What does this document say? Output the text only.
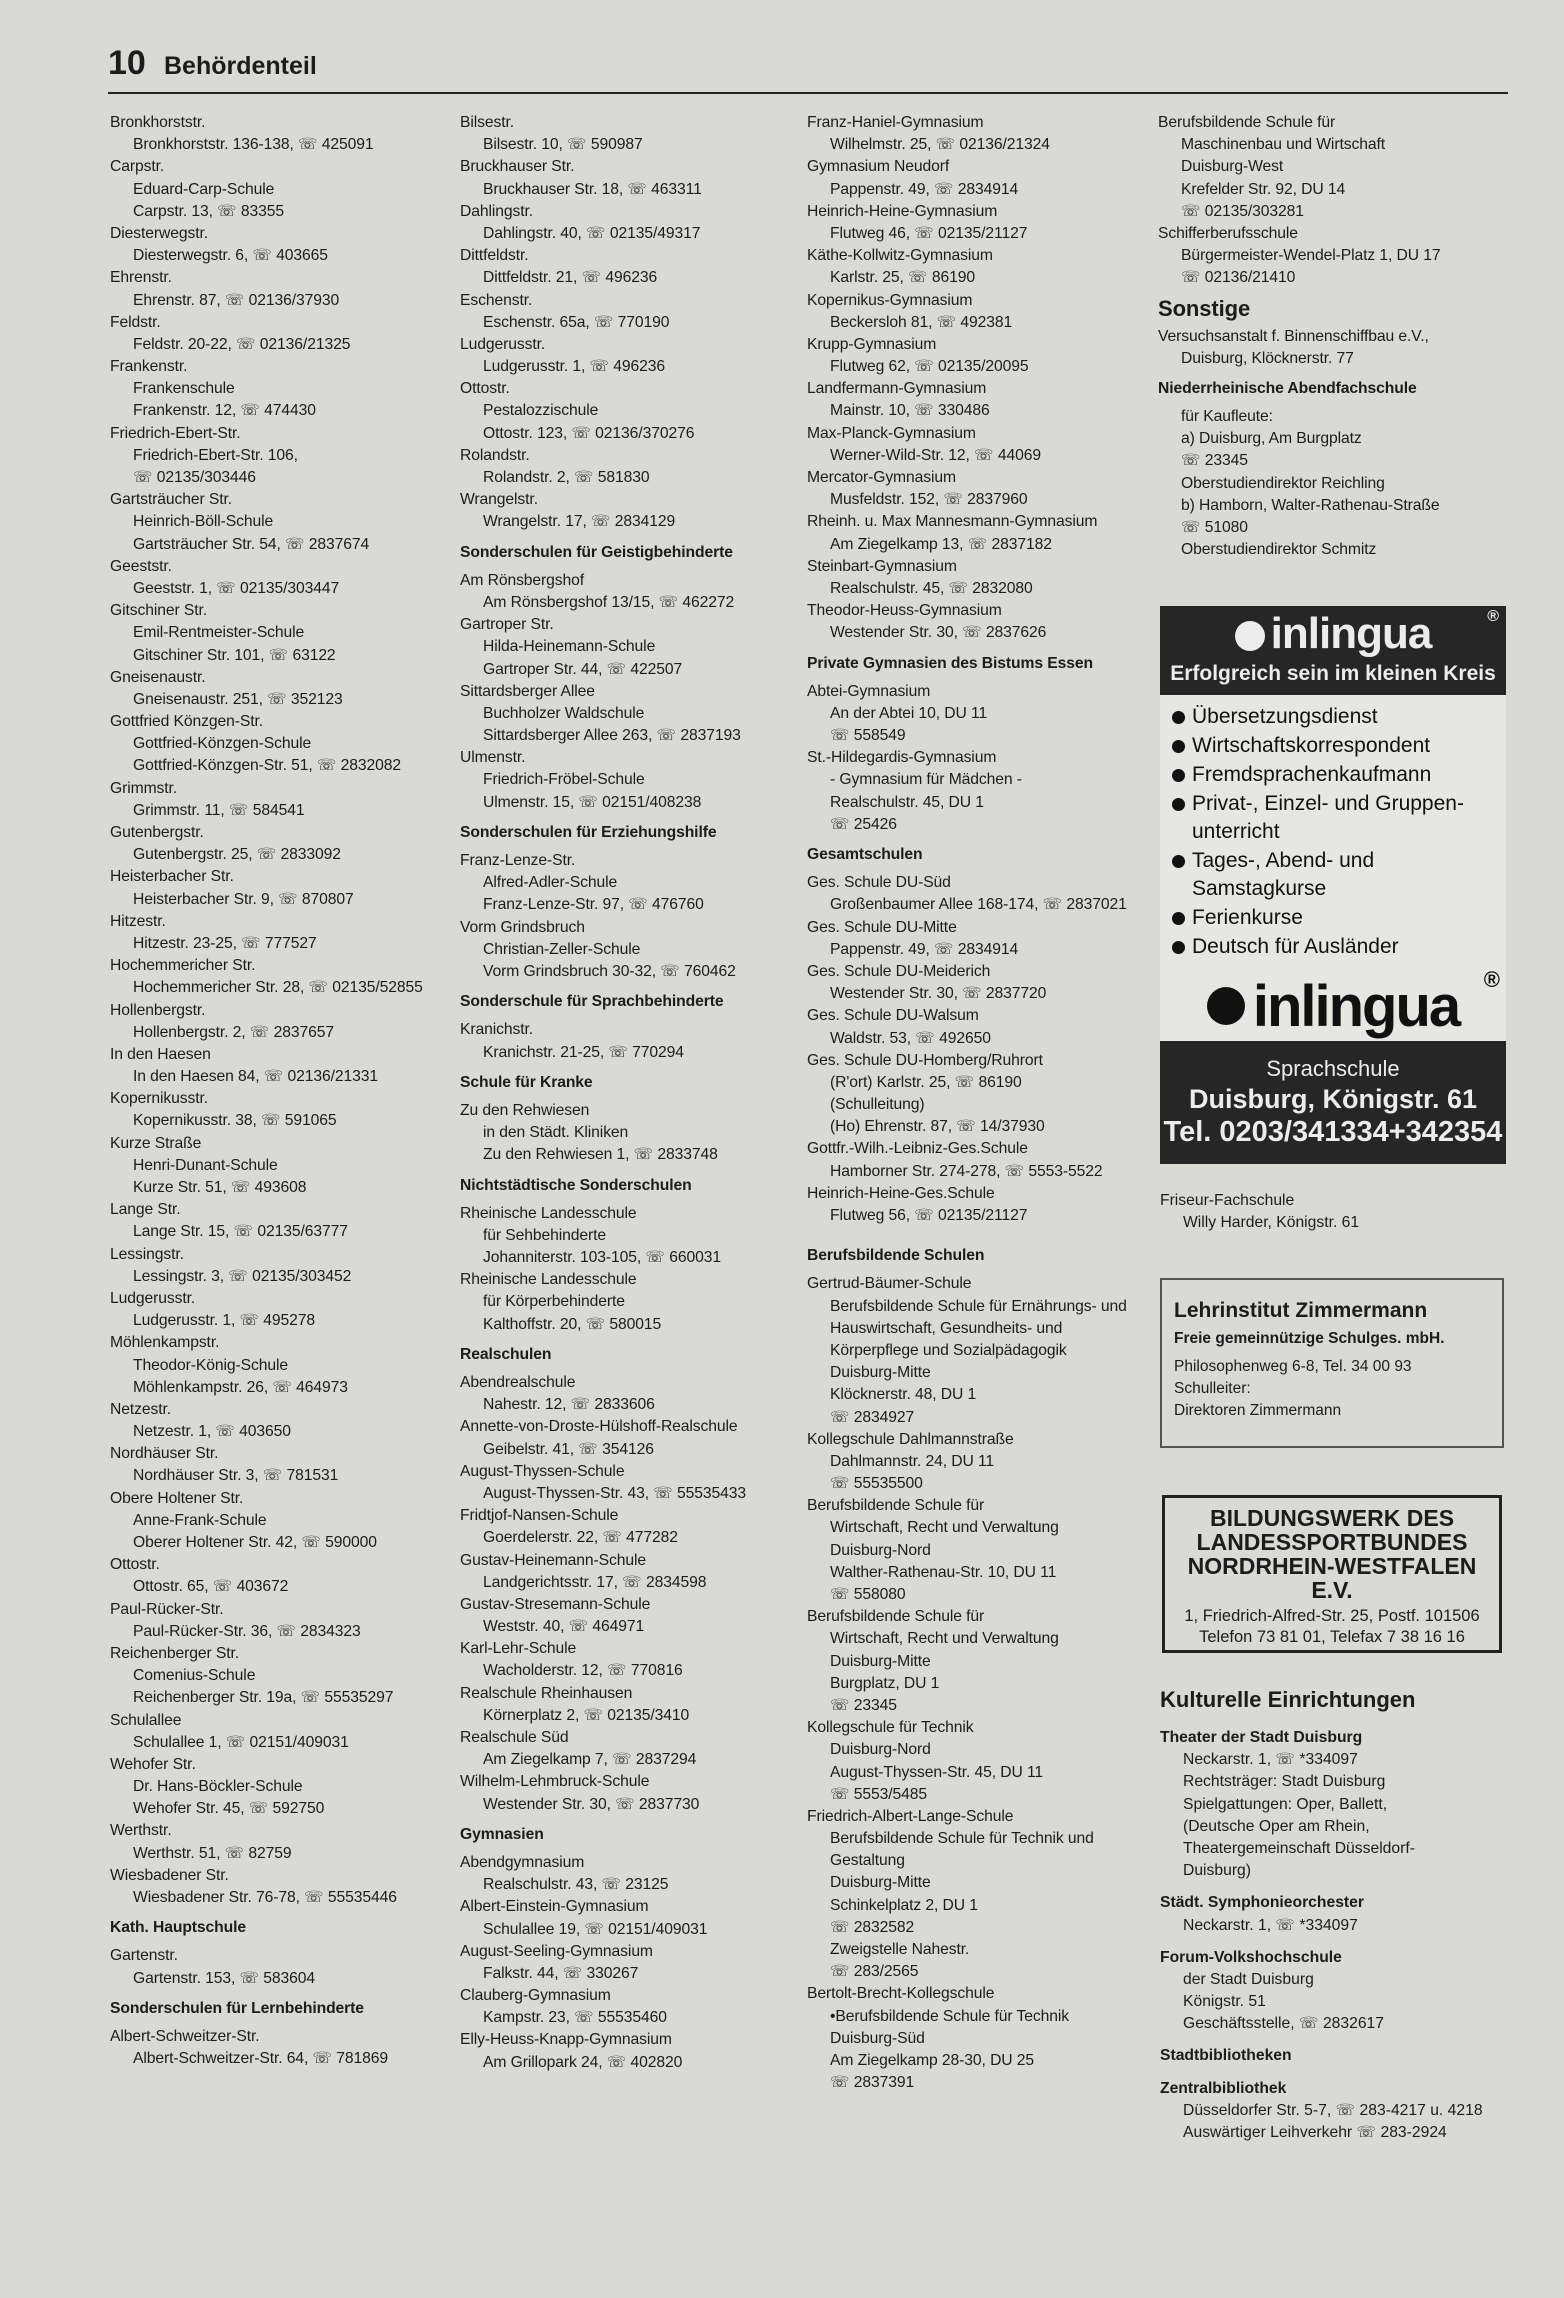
10 Behördenteil
Bronkhorststr.
Bronkhorststr. 136-138, ☏ 425091
Carpstr.
Eduard-Carp-Schule
Carpstr. 13, ☏ 83355
Diesterwegstr.
Diesterwegstr. 6, ☏ 403665
Ehrenstr.
Ehrenstr. 87, ☏ 02136/37930
Feldstr.
Feldstr. 20-22, ☏ 02136/21325
Frankenstr.
Frankenschule
Frankenstr. 12, ☏ 474430
Friedrich-Ebert-Str.
Friedrich-Ebert-Str. 106,
☏ 02135/303446
Gartsträucher Str.
Heinrich-Böll-Schule
Gartsträucher Str. 54, ☏ 2837674
Geeststr.
Geeststr. 1, ☏ 02135/303447
Gitschiner Str.
Emil-Rentmeister-Schule
Gitschiner Str. 101, ☏ 63122
Gneisenaustr.
Gneisenaustr. 251, ☏ 352123
Gottfried Könzgen-Str.
Gottfried-Könzgen-Schule
Gottfried-Könzgen-Str. 51, ☏ 2832082
Grimmstr.
Grimmstr. 11, ☏ 584541
Gutenbergstr.
Gutenbergstr. 25, ☏ 2833092
Heisterbacher Str.
Heisterbacher Str. 9, ☏ 870807
Hitzestr.
Hitzestr. 23-25, ☏ 777527
Hochemmericher Str.
Hochemmericher Str. 28, ☏ 02135/52855
Hollenbergstr.
Hollenbergstr. 2, ☏ 2837657
In den Haesen
In den Haesen 84, ☏ 02136/21331
Kopernikusstr.
Kopernikusstr. 38, ☏ 591065
Kurze Straße
Henri-Dunant-Schule
Kurze Str. 51, ☏ 493608
Lange Str.
Lange Str. 15, ☏ 02135/63777
Lessingstr.
Lessingstr. 3, ☏ 02135/303452
Ludgerusstr.
Ludgerusstr. 1, ☏ 495278
Möhlenkampstr.
Theodor-König-Schule
Möhlenkampstr. 26, ☏ 464973
Netzestr.
Netzestr. 1, ☏ 403650
Nordhäuser Str.
Nordhäuser Str. 3, ☏ 781531
Obere Holtener Str.
Anne-Frank-Schule
Oberer Holtener Str. 42, ☏ 590000
Ottostr.
Ottostr. 65, ☏ 403672
Paul-Rücker-Str.
Paul-Rücker-Str. 36, ☏ 2834323
Reichenberger Str.
Comenius-Schule
Reichenberger Str. 19a, ☏ 55535297
Schulallee
Schulallee 1, ☏ 02151/409031
Wehofer Str.
Dr. Hans-Böckler-Schule
Wehofer Str. 45, ☏ 592750
Werthstr.
Werthstr. 51, ☏ 82759
Wiesbadener Str.
Wiesbadener Str. 76-78, ☏ 55535446
Kath. Hauptschule
Gartenstr.
Gartenstr. 153, ☏ 583604
Sonderschulen für Lernbehinderte
Albert-Schweitzer-Str.
Albert-Schweitzer-Str. 64, ☏ 781869
Bilsestr.
Bilsestr. 10, ☏ 590987
Bruckhauser Str.
Bruckhauser Str. 18, ☏ 463311
Dahlingstr.
Dahlingstr. 40, ☏ 02135/49317
Dittfeldstr.
Dittfeldstr. 21, ☏ 496236
Eschenstr.
Eschenstr. 65a, ☏ 770190
Ludgerusstr.
Ludgerusstr. 1, ☏ 496236
Ottostr.
Pestalozzischule
Ottostr. 123, ☏ 02136/370276
Rolandstr.
Rolandstr. 2, ☏ 581830
Wrangelstr.
Wrangelstr. 17, ☏ 2834129
Sonderschulen für Geistigbehinderte
Am Rönsbergshof
Am Rönsbergshof 13/15, ☏ 462272
Gartroper Str.
Hilda-Heinemann-Schule
Gartroper Str. 44, ☏ 422507
Sittardsberger Allee
Buchholzer Waldschule
Sittardsberger Allee 263, ☏ 2837193
Ulmenstr.
Friedrich-Fröbel-Schule
Ulmenstr. 15, ☏ 02151/408238
Sonderschulen für Erziehungshilfe
Franz-Lenze-Str.
Alfred-Adler-Schule
Franz-Lenze-Str. 97, ☏ 476760
Vorm Grindsbruch
Christian-Zeller-Schule
Vorm Grindsbruch 30-32, ☏ 760462
Sonderschule für Sprachbehinderte
Kranichstr.
Kranichstr. 21-25, ☏ 770294
Schule für Kranke
Zu den Rehwiesen
in den Städt. Kliniken
Zu den Rehwiesen 1, ☏ 2833748
Nichtstädtische Sonderschulen
Rheinische Landesschule
für Sehbehinderte
Johanniterstr. 103-105, ☏ 660031
Rheinische Landesschule
für Körperbehinderte
Kalthoffstr. 20, ☏ 580015
Realschulen
Abendrealschule
Nahestr. 12, ☏ 2833606
Annette-von-Droste-Hülshoff-Realschule
Geibelstr. 41, ☏ 354126
August-Thyssen-Schule
August-Thyssen-Str. 43, ☏ 55535433
Fridtjof-Nansen-Schule
Goerdelerstr. 22, ☏ 477282
Gustav-Heinemann-Schule
Landgerichtsstr. 17, ☏ 2834598
Gustav-Stresemann-Schule
Weststr. 40, ☏ 464971
Karl-Lehr-Schule
Wacholderstr. 12, ☏ 770816
Realschule Rheinhausen
Körnerplatz 2, ☏ 02135/3410
Realschule Süd
Am Ziegelkamp 7, ☏ 2837294
Wilhelm-Lehmbruck-Schule
Westender Str. 30, ☏ 2837730
Gymnasien
Abendgymnasium
Realschulstr. 43, ☏ 23125
Albert-Einstein-Gymnasium
Schulallee 19, ☏ 02151/409031
August-Seeling-Gymnasium
Falkstr. 44, ☏ 330267
Clauberg-Gymnasium
Kampstr. 23, ☏ 55535460
Elly-Heuss-Knapp-Gymnasium
Am Grillopark 24, ☏ 402820
Franz-Haniel-Gymnasium
Wilhelmstr. 25, ☏ 02136/21324
Gymnasium Neudorf
Pappenstr. 49, ☏ 2834914
Heinrich-Heine-Gymnasium
Flutweg 46, ☏ 02135/21127
Käthe-Kollwitz-Gymnasium
Karlstr. 25, ☏ 86190
Kopernikus-Gymnasium
Beckersloh 81, ☏ 492381
Krupp-Gymnasium
Flutweg 62, ☏ 02135/20095
Landfermann-Gymnasium
Mainstr. 10, ☏ 330486
Max-Planck-Gymnasium
Werner-Wild-Str. 12, ☏ 44069
Mercator-Gymnasium
Musfeldstr. 152, ☏ 2837960
Rheinh. u. Max Mannesmann-Gymnasium
Am Ziegelkamp 13, ☏ 2837182
Steinbart-Gymnasium
Realschulstr. 45, ☏ 2832080
Theodor-Heuss-Gymnasium
Westender Str. 30, ☏ 2837626
Private Gymnasien des Bistums Essen
Abtei-Gymnasium
An der Abtei 10, DU 11
☏ 558549
St.-Hildegardis-Gymnasium
- Gymnasium für Mädchen -
Realschulstr. 45, DU 1
☏ 25426
Gesamtschulen
Ges. Schule DU-Süd
Großenbaumer Allee 168-174, ☏ 2837021
Ges. Schule DU-Mitte
Pappenstr. 49, ☏ 2834914
Ges. Schule DU-Meiderich
Westender Str. 30, ☏ 2837720
Ges. Schule DU-Walsum
Waldstr. 53, ☏ 492650
Ges. Schule DU-Homberg/Ruhrort
(R'ort) Karlstr. 25, ☏ 86190
(Schulleitung)
(Ho) Ehrenstr. 87, ☏ 14/37930
Gottfr.-Wilh.-Leibniz-Ges.Schule
Hamborner Str. 274-278, ☏ 5553-5522
Heinrich-Heine-Ges.Schule
Flutweg 56, ☏ 02135/21127
Berufsbildende Schulen
Gertrud-Bäumer-Schule
Berufsbildende Schule für Ernährungs- und
Hauswirtschaft, Gesundheits- und
Körperpflege und Sozialpädagogik
Duisburg-Mitte
Klöcknerstr. 48, DU 1
☏ 2834927
Kollegschule Dahlmannstraße
Dahlmannstr. 24, DU 11
☏ 55535500
Berufsbildende Schule für
Wirtschaft, Recht und Verwaltung
Duisburg-Nord
Walther-Rathenau-Str. 10, DU 11
☏ 558080
Berufsbildende Schule für
Wirtschaft, Recht und Verwaltung
Duisburg-Mitte
Burgplatz, DU 1
☏ 23345
Kollegschule für Technik
Duisburg-Nord
August-Thyssen-Str. 45, DU 11
☏ 5553/5485
Friedrich-Albert-Lange-Schule
Berufsbildende Schule für Technik und
Gestaltung
Duisburg-Mitte
Schinkelplatz 2, DU 1
☏ 2832582
Zweigstelle Nahestr.
☏ 283/2565
Bertolt-Brecht-Kollegschule
•Berufsbildende Schule für Technik
Duisburg-Süd
Am Ziegelkamp 28-30, DU 25
☏ 2837391
Berufsbildende Schule für
Maschinenbau und Wirtschaft
Duisburg-West
Krefelder Str. 92, DU 14
☏ 02135/303281
Schifferberufsschule
Bürgermeister-Wendel-Platz 1, DU 17
☏ 02136/21410
Sonstige
Versuchsanstalt f. Binnenschiffbau e.V.,
Duisburg, Klöcknerstr. 77
Niederrheinische Abendfachschule
für Kaufleute:
a) Duisburg, Am Burgplatz
☏ 23345
Oberstudiendirektor Reichling
b) Hamborn, Walter-Rathenau-Straße
☏ 51080
Oberstudiendirektor Schmitz
inlingua	®
Erfolgreich sein im kleinen Kreis
Übersetzungsdienst
Wirtschaftskorrespondent
Fremdsprachenkaufmann
Privat-, Einzel- und Gruppen-unterricht
Tages-, Abend- und Samstagkurse
Ferienkurse
Deutsch für Ausländer
inlingua ®
Sprachschule
Duisburg, Königstr. 61
Tel. 0203/341334+342354
Friseur-Fachschule
Willy Harder, Königstr. 61
Lehrinstitut Zimmermann
Freie gemeinnützige Schulges. mbH.
Philosophenweg 6-8, Tel. 34 00 93
Schulleiter:
Direktoren Zimmermann
BILDUNGSWERK DES
LANDESSPORTBUNDES
NORDRHEIN-WESTFALEN
E.V.
1, Friedrich-Alfred-Str. 25, Postf. 101506
Telefon 73 81 01, Telefax 7 38 16 16
Kulturelle Einrichtungen
Theater der Stadt Duisburg
Neckarstr. 1, ☏ *334097
Rechtsträger: Stadt Duisburg
Spielgattungen: Oper, Ballett,
(Deutsche Oper am Rhein,
Theatergemeinschaft Düsseldorf-
Duisburg)
Städt. Symphonieorchester
Neckarstr. 1, ☏ *334097
Forum-Volkshochschule
der Stadt Duisburg
Königstr. 51
Geschäftsstelle, ☏ 2832617
Stadtbibliotheken
Zentralbibliothek
Düsseldorfer Str. 5-7, ☏ 283-4217 u. 4218
Auswärtiger Leihverkehr ☏ 283-2924
